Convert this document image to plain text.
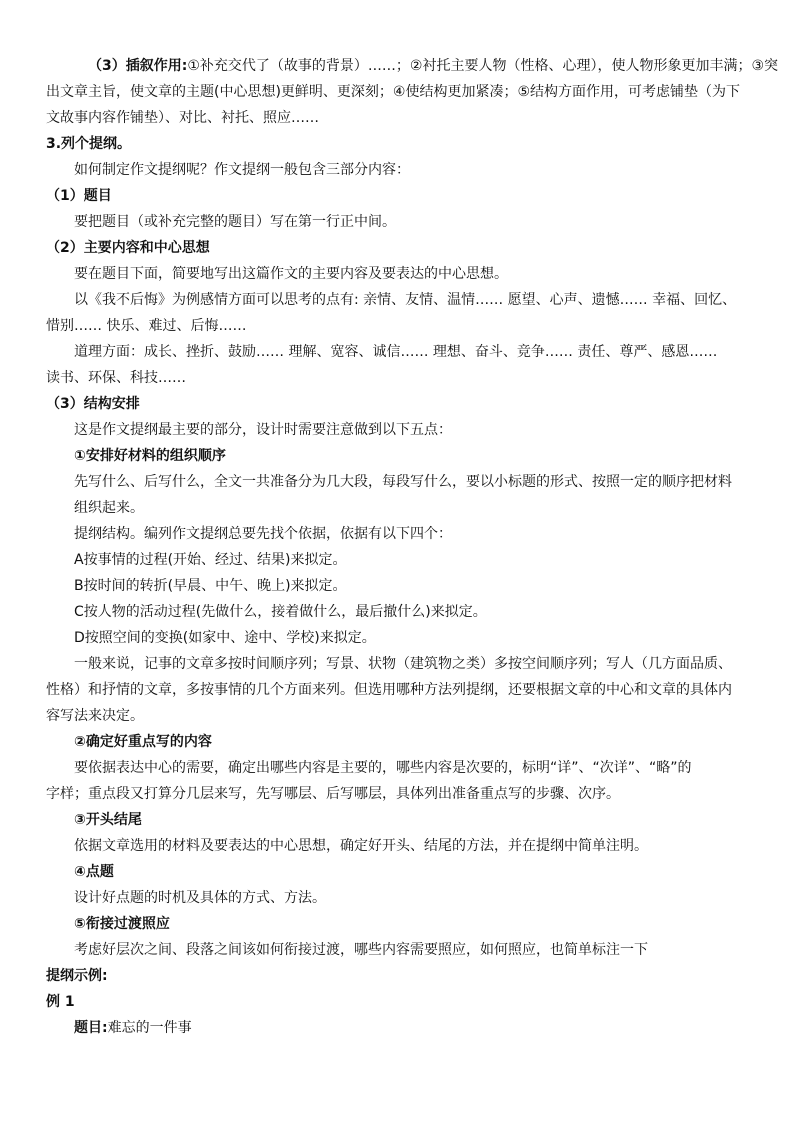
（3）插叙作用:①补充交代了（故事的背景）……；②衬托主要人物（性格、心理），使人物形象更加丰满；③突
出文章主旨，使文章的主题(中心思想)更鲜明、更深刻；④使结构更加紧凑；⑤结构方面作用，可考虑铺垫（为下
文故事内容作铺垫）、对比、衬托、照应……
3.列个提纲。
如何制定作文提纲呢？作文提纲一般包含三部分内容：
（1）题目
要把题目（或补充完整的题目）写在第一行正中间。
（2）主要内容和中心思想
要在题目下面，简要地写出这篇作文的主要内容及要表达的中心思想。
以《我不后悔》为例感情方面可以思考的点有: 亲情、友情、温情…… 愿望、心声、遗憾…… 幸福、回忆、
惜别…… 快乐、难过、后悔……
道理方面：成长、挫折、鼓励…… 理解、宽容、诚信…… 理想、奋斗、竞争…… 责任、尊严、感恩……
读书、环保、科技……
（3）结构安排
这是作文提纲最主要的部分，设计时需要注意做到以下五点：
①安排好材料的组织顺序
先写什么、后写什么，全文一共准备分为几大段，每段写什么，要以小标题的形式、按照一定的顺序把材料
组织起来。
提纲结构。编列作文提纲总要先找个依据，依据有以下四个：
A按事情的过程(开始、经过、结果)来拟定。
B按时间的转折(早晨、中午、晚上)来拟定。
C按人物的活动过程(先做什么，接着做什么，最后撤什么)来拟定。
D按照空间的变换(如家中、途中、学校)来拟定。
一般来说，记事的文章多按时间顺序列；写景、状物（建筑物之类）多按空间顺序列；写人（几方面品质、
性格）和抒情的文章，多按事情的几个方面来列。但选用哪种方法列提纲，还要根据文章的中心和文章的具体内
容写法来决定。
②确定好重点写的内容
要依据表达中心的需要，确定出哪些内容是主要的，哪些内容是次要的，标明“详”、“次详”、“略”的
字样；重点段又打算分几层来写，先写哪层、后写哪层，具体列出准备重点写的步骤、次序。
③开头结尾
依据文章选用的材料及要表达的中心思想，确定好开头、结尾的方法，并在提纲中简单注明。
④点题
设计好点题的时机及具体的方式、方法。
⑤衔接过渡照应
考虑好层次之间、段落之间该如何衔接过渡，哪些内容需要照应，如何照应，也简单标注一下
提纲示例:
例 1
题目:难忘的一件事
